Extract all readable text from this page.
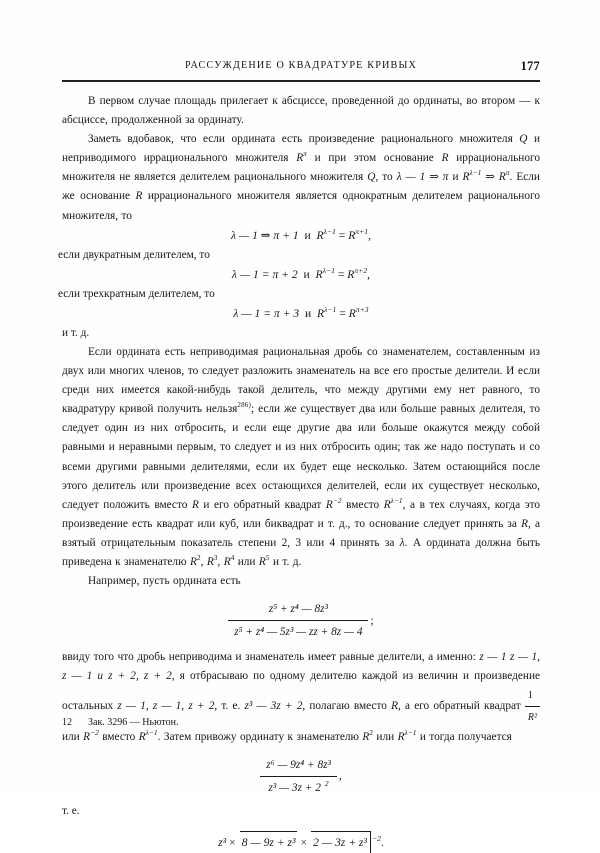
РАССУЖДЕНИЕ О КВАДРАТУРЕ КРИВЫХ	177

В первом случае площадь прилегает к абсциссе, проведенной до ординаты, во втором — к абсциссе, продолженной за ординату.

Заметь вдобавок, что если ордината есть произведение рационального множителя Q и неприводимого иррационального множителя $R^\pi$ и при этом основание R иррационального множителя не является делителем рационального множителя Q, то λ — 1 ⇒ π и $R^{\lambda-1}$ ⇒ $R^\pi$. Если же основание R иррационального множителя является однократным делителем рационального множителя, то

λ — 1 ⇒ π + 1 и $R^{\lambda-1} = R^{\pi+1}$,

если двукратным делителем, то

λ — 1 = π + 2 и $R^{\lambda-1} = R^{\pi+2}$,

если трехкратным делителем, то

λ — 1 = π + 3 и $R^{\lambda-1} = R^{\pi+3}$

и т. д.

Если ордината есть неприводимая рациональная дробь со знаменателем, составленным из двух или многих членов, то следует разложить знаменатель на все его простые делители. И если среди них имеется какой-нибудь такой делитель, что между другими ему нет равного, то квадратуру кривой получить нельзя$^{286)}$; если же существует два или больше равных делителя, то следует один из них отбросить, и если еще другие два или больше окажутся между собой равными и неравными первым, то следует и из них отбросить один; так же надо поступать и со всеми другими равными делителями, если их будет еще несколько. Затем остающийся после этого делитель или произведение всех остающихся делителей, если их существует несколько, следует положить вместо R и его обратный квадрат $R^{-2}$ вместо $R^{\lambda-1}$, а в тех случаях, когда это произведение есть квадрат или куб, или биквадрат и т. д., то основание следует принять за R, а взятый отрицательным показатель степени 2, 3 или 4 принять за λ. А ордината должна быть приведена к знаменателю $R^2$, $R^3$, $R^4$ или $R^5$ и т. д.

Например, пусть ордината есть

$\frac{\text{z⁵ + z⁴ — 8z³}}{\text{z⁵ + z⁴ — 5z³ — zz + 8z — 4}}$ ;

ввиду того что дробь неприводима и знаменатель имеет равные делители, а именно: z — 1 z — 1, z — 1 и z + 2, z + 2, я отбрасываю по одному делителю каждой из величин и произведение остальных z — 1, z — 1, z + 2, т. е. z³ — 3z + 2, полагаю вместо R, а его обратный квадрат $\frac{1}{\text{R²}}$
или $R^{-2}$ вместо $R^{\lambda-1}$. Затем привожу ординату к знаменателю $R^2$ или $R^{\lambda-1}$ и тогда получается

$\frac{\text{z⁶ — 9z⁴ + 8z³}}{z^3 — 3z + 2 ^2}$ ,

т. е.

z³ × 8 — 9z + z³ × 2 — 3z + z³ $^{-2}$.
12 Зак. 3296 — Ньютон.
